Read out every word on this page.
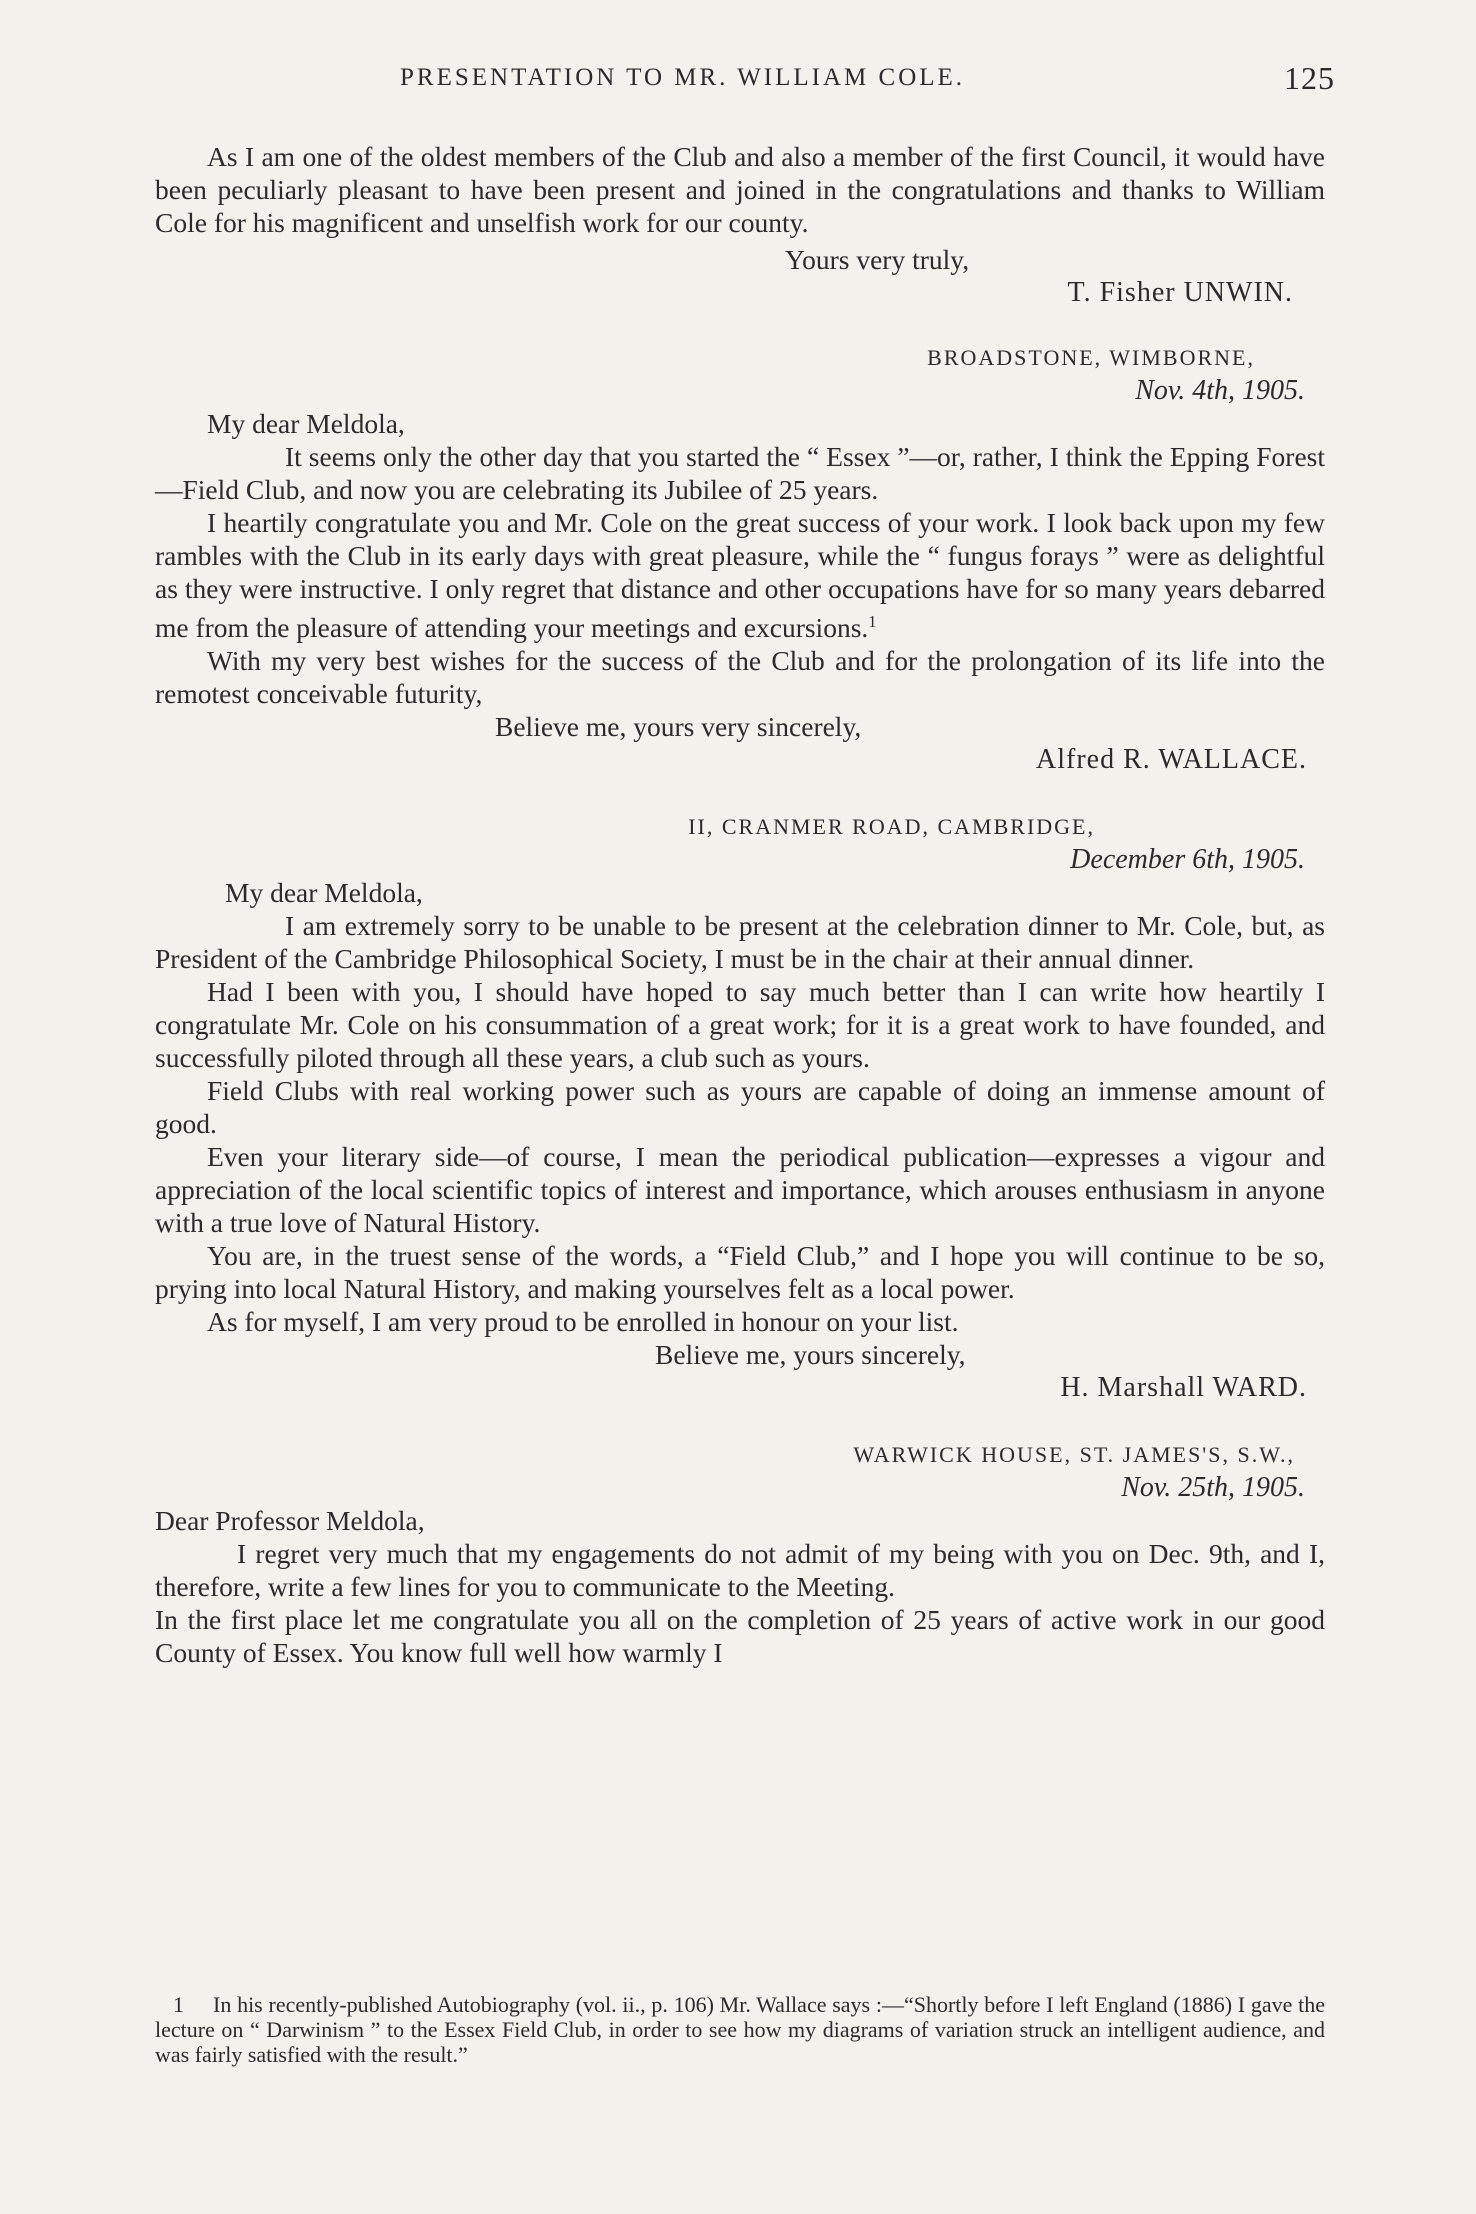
PRESENTATION TO MR. WILLIAM COLE.	125

As I am one of the oldest members of the Club and also a member of the first Council, it would have been peculiarly pleasant to have been present and joined in the congratulations and thanks to William Cole for his magnificent and unselfish work for our county.

Yours very truly,

T. Fisher UNWIN.

BROADSTONE, WIMBORNE,

Nov. 4th, 1905.

My dear Meldola,

It seems only the other day that you started the “ Essex ”—or, rather, I think the Epping Forest—Field Club, and now you are celebrating its Jubilee of 25 years.

I heartily congratulate you and Mr. Cole on the great success of your work. I look back upon my few rambles with the Club in its early days with great pleasure, while the “ fungus forays ” were as delightful as they were instructive. I only regret that distance and other occupations have for so many years debarred me from the pleasure of attending your meetings and excursions.$^1$

With my very best wishes for the success of the Club and for the prolongation of its life into the remotest conceivable futurity,

Believe me, yours very sincerely,

Alfred R. WALLACE.

II, CRANMER ROAD, CAMBRIDGE,

December 6th, 1905.

My dear Meldola,

I am extremely sorry to be unable to be present at the celebration dinner to Mr. Cole, but, as President of the Cambridge Philosophical Society, I must be in the chair at their annual dinner.

Had I been with you, I should have hoped to say much better than I can write how heartily I congratulate Mr. Cole on his consummation of a great work; for it is a great work to have founded, and successfully piloted through all these years, a club such as yours.

Field Clubs with real working power such as yours are capable of doing an immense amount of good.

Even your literary side—of course, I mean the periodical publication—expresses a vigour and appreciation of the local scientific topics of interest and importance, which arouses enthusiasm in anyone with a true love of Natural History.

You are, in the truest sense of the words, a “Field Club,” and I hope you will continue to be so, prying into local Natural History, and making yourselves felt as a local power.

As for myself, I am very proud to be enrolled in honour on your list.

Believe me, yours sincerely,

H. Marshall WARD.

WARWICK HOUSE, ST. JAMES'S, S.W.,

Nov. 25th, 1905.

Dear Professor Meldola,

I regret very much that my engagements do not admit of my being with you on Dec. 9th, and I, therefore, write a few lines for you to communicate to the Meeting.

In the first place let me congratulate you all on the completion of 25 years of active work in our good County of Essex. You know full well how warmly I

1 In his recently-published Autobiography (vol. ii., p. 106) Mr. Wallace says :—“Shortly before I left England (1886) I gave the lecture on “ Darwinism ” to the Essex Field Club, in order to see how my diagrams of variation struck an intelligent audience, and was fairly satisfied with the result.”
